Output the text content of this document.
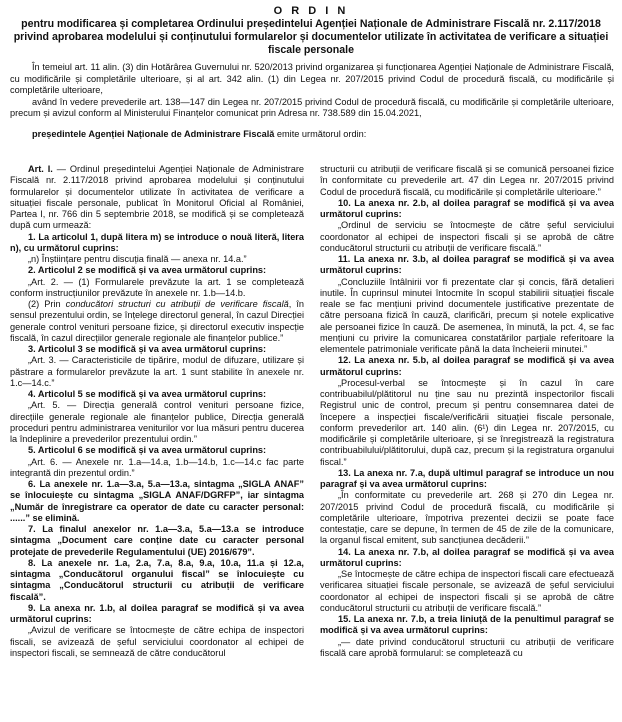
O R D I N
pentru modificarea și completarea Ordinului președintelui Agenției Naționale de Administrare Fiscală nr. 2.117/2018 privind aprobarea modelului și conținutului formularelor și documentelor utilizate în activitatea de verificare a situației fiscale personale

În temeiul art. 11 alin. (3) din Hotărârea Guvernului nr. 520/2013 privind organizarea și funcționarea Agenției Naționale de Administrare Fiscală, cu modificările și completările ulterioare, și al art. 342 alin. (1) din Legea nr. 207/2015 privind Codul de procedură fiscală, cu modificările și completările ulterioare,

având în vedere prevederile art. 138—147 din Legea nr. 207/2015 privind Codul de procedură fiscală, cu modificările și completările ulterioare, precum și avizul conform al Ministerului Finanțelor comunicat prin Adresa nr. 738.589 din 15.04.2021,

președintele Agenției Naționale de Administrare Fiscală emite următorul ordin:

Art. I. — Ordinul președintelui Agenției Naționale de Administrare Fiscală nr. 2.117/2018 privind aprobarea modelului și conținutului formularelor și documentelor utilizate în activitatea de verificare a situației fiscale personale, publicat în Monitorul Oficial al României, Partea I, nr. 766 din 5 septembrie 2018, se modifică și se completează după cum urmează:

1. La articolul 1, după litera m) se introduce o nouă literă, litera n), cu următorul cuprins:

„n) Înștiințare pentru discuția finală — anexa nr. 14.a.”

2. Articolul 2 se modifică și va avea următorul cuprins:

„Art. 2. — (1) Formularele prevăzute la art. 1 se completează conform instrucțiunilor prevăzute în anexele nr. 1.b—14.b.

(2) Prin conducători structuri cu atribuții de verificare fiscală, în sensul prezentului ordin, se înțelege directorul general, în cazul Direcției generale control venituri persoane fizice, și directorul executiv inspecție fiscală, în cazul direcțiilor generale regionale ale finanțelor publice.”

3. Articolul 3 se modifică și va avea următorul cuprins:

„Art. 3. — Caracteristicile de tipărire, modul de difuzare, utilizare și păstrare a formularelor prevăzute la art. 1 sunt stabilite în anexele nr. 1.c—14.c.”

4. Articolul 5 se modifică și va avea următorul cuprins:

„Art. 5. — Direcția generală control venituri persoane fizice, direcțiile generale regionale ale finanțelor publice, Direcția generală proceduri pentru administrarea veniturilor vor lua măsuri pentru ducerea la îndeplinire a prevederilor prezentului ordin.”

5. Articolul 6 se modifică și va avea următorul cuprins:

„Art. 6. — Anexele nr. 1.a—14.a, 1.b—14.b, 1.c—14.c fac parte integrantă din prezentul ordin.”

6. La anexele nr. 1.a—3.a, 5.a—13.a, sintagma „SIGLA ANAF” se înlocuiește cu sintagma „SIGLA ANAF/DGRFP”, iar sintagma „Număr de înregistrare ca operator de date cu caracter personal: ......” se elimină.

7. La finalul anexelor nr. 1.a—3.a, 5.a—13.a se introduce sintagma „Document care conține date cu caracter personal protejate de prevederile Regulamentului (UE) 2016/679”.

8. La anexele nr. 1.a, 2.a, 7.a, 8.a, 9.a, 10.a, 11.a și 12.a, sintagma „Conducătorul organului fiscal” se înlocuiește cu sintagma „Conducătorul structurii cu atribuții de verificare fiscală”.

9. La anexa nr. 1.b, al doilea paragraf se modifică și va avea următorul cuprins:

„Avizul de verificare se întocmește de către echipa de inspectori fiscali, se avizează de șeful serviciului coordonator al echipei de inspectori fiscali, se semnează de către conducătorul

structurii cu atribuții de verificare fiscală și se comunică persoanei fizice în conformitate cu prevederile art. 47 din Legea nr. 207/2015 privind Codul de procedură fiscală, cu modificările și completările ulterioare.”

10. La anexa nr. 2.b, al doilea paragraf se modifică și va avea următorul cuprins:

„Ordinul de serviciu se întocmește de către șeful serviciului coordonator al echipei de inspectori fiscali și se aprobă de către conducătorul structurii cu atribuții de verificare fiscală.”

11. La anexa nr. 3.b, al doilea paragraf se modifică și va avea următorul cuprins:

„Concluziile întâlnirii vor fi prezentate clar și concis, fără detalieri inutile. În cuprinsul minutei întocmite în scopul stabilirii situației fiscale reale se fac mențiuni privind documentele justificative prezentate de către persoana fizică în cauză, clarificări, precum și notele explicative ale persoanei fizice în cauză. De asemenea, în minută, la pct. 4, se fac mențiuni cu privire la comunicarea constatărilor parțiale referitoare la elementele patrimoniale verificate până la data încheierii minutei.”

12. La anexa nr. 5.b, al doilea paragraf se modifică și va avea următorul cuprins:

„Procesul-verbal se întocmește și în cazul în care contribuabilul/plătitorul nu ține sau nu prezintă inspectorilor fiscali Registrul unic de control, precum și pentru consemnarea datei de începere a inspecției fiscale/verificării situației fiscale personale, conform prevederilor art. 140 alin. (6¹) din Legea nr. 207/2015, cu modificările și completările ulterioare, și se înregistrează la registratura contribuabilului/plătitorului, după caz, precum și la registratura organului fiscal.”

13. La anexa nr. 7.a, după ultimul paragraf se introduce un nou paragraf și va avea următorul cuprins:

„În conformitate cu prevederile art. 268 și 270 din Legea nr. 207/2015 privind Codul de procedură fiscală, cu modificările și completările ulterioare, împotriva prezentei decizii se poate face contestație, care se depune, în termen de 45 de zile de la comunicare, la organul fiscal emitent, sub sancțiunea decăderii.”

14. La anexa nr. 7.b, al doilea paragraf se modifică și va avea următorul cuprins:

„Se întocmește de către echipa de inspectori fiscali care efectuează verificarea situației fiscale personale, se avizează de șeful serviciului coordonator al echipei de inspectori fiscali și se aprobă de către conducătorul structurii cu atribuții de verificare fiscală.”

15. La anexa nr. 7.b, a treia liniuță de la penultimul paragraf se modifică și va avea următorul cuprins:

„— date privind conducătorul structurii cu atribuții de verificare fiscală care aprobă formularul: se completează cu
